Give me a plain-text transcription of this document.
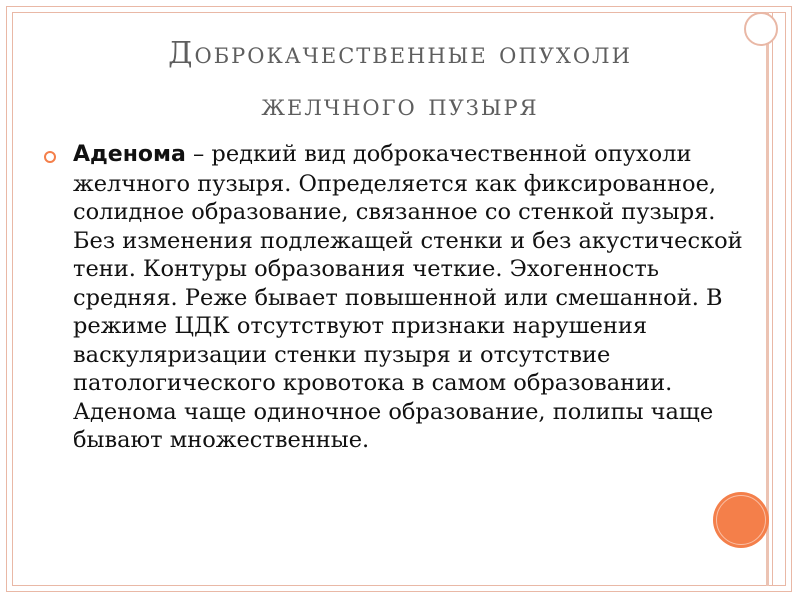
Доброкачественные опухоли
желчного пузыря
Аденома – редкий вид доброкачественной опухоли желчного пузыря. Определяется как фиксированное, солидное образование, связанное со стенкой пузыря. Без изменения подлежащей стенки и без акустической тени. Контуры образования четкие. Эхогенность средняя. Реже бывает повышенной или смешанной. В режиме ЦДК отсутствуют признаки нарушения васкуляризации стенки пузыря и отсутствие патологического кровотока в самом образовании. Аденома чаще одиночное образование, полипы чаще бывают множественные.
